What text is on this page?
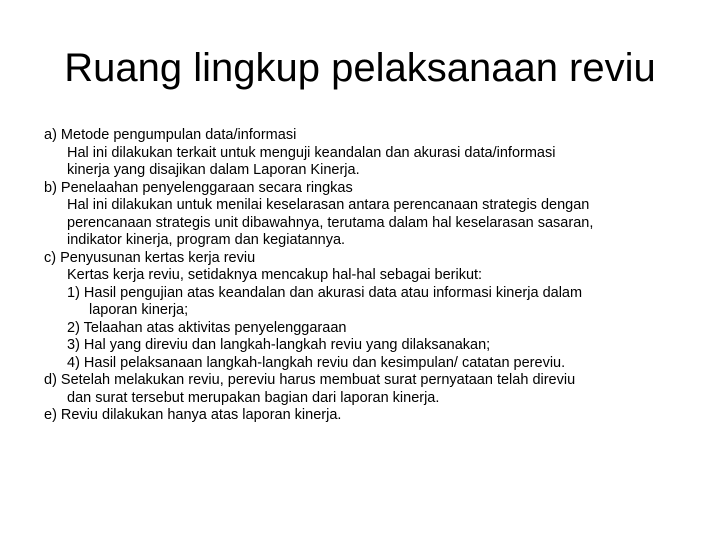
Ruang lingkup pelaksanaan reviu
a) Metode pengumpulan data/informasi
Hal ini dilakukan terkait untuk menguji keandalan dan akurasi data/informasi
kinerja yang disajikan dalam Laporan Kinerja.
b) Penelaahan penyelenggaraan secara ringkas
Hal ini dilakukan untuk menilai keselarasan antara perencanaan strategis dengan
perencanaan strategis unit dibawahnya, terutama dalam hal keselarasan sasaran,
indikator kinerja, program dan kegiatannya.
c) Penyusunan kertas kerja reviu
Kertas kerja reviu, setidaknya mencakup hal-hal sebagai berikut:
1) Hasil pengujian atas keandalan dan akurasi data atau informasi kinerja dalam
laporan kinerja;
2) Telaahan atas aktivitas penyelenggaraan
3) Hal yang direviu dan langkah-langkah reviu yang dilaksanakan;
4) Hasil pelaksanaan langkah-langkah reviu dan kesimpulan/ catatan pereviu.
d) Setelah melakukan reviu, pereviu harus membuat surat pernyataan telah direviu
dan surat tersebut merupakan bagian dari laporan kinerja.
e) Reviu dilakukan hanya atas laporan kinerja.
